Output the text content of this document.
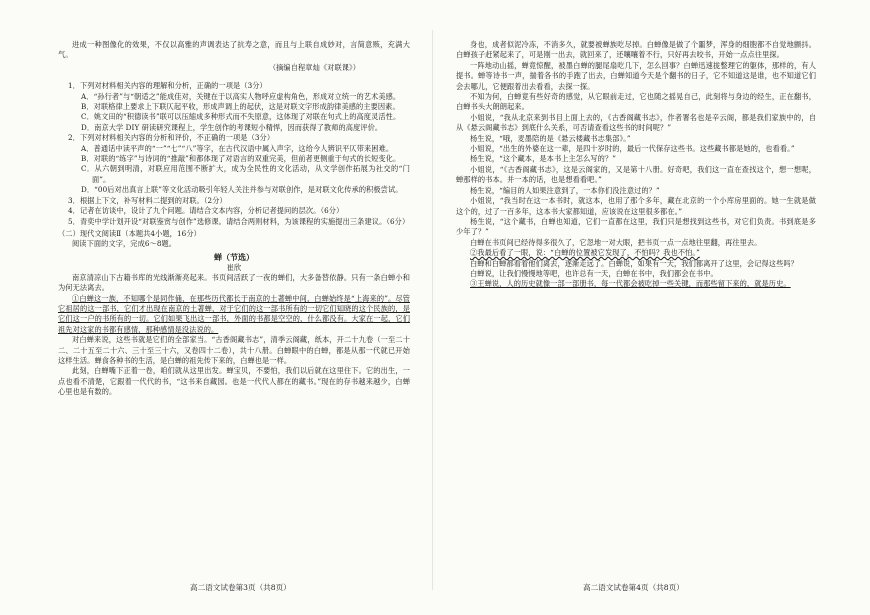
进成一种图像化的效果，不仅以高雅的声调表达了抗寿之意，而且与上联自成妙对，言简意赅，充满大气。

（摘编自程章灿《对联课》）

1．下列对材料相关内容的理解和分析，正确的一项是（3分）

A．“孙行者”与“朝适之”能成佳对，关键在于以高实人物呼应虚构角色，形成对立统一的艺术美感。

B．对联格律上要求上下联仄起平收，形成声调上的起伏，这是对联文字形成韵律美感的主要因素。

C．姚文田的“积德读书”联可以压缩成多种形式而不失原意，这体现了对联在句式上的高度灵活性。

D．南京大学 DIY 研读研究课程上，学生创作的考课短小精悍，因而获得了教师的高度评价。

2．下列对材料相关内容的分析和评价，不正确的一项是（3分）

A．普通话中读平声的“一”“七”“八”等字，在古代汉语中属入声字，这给今人辨识平仄带来困难。

B．对联的“练字”与诗词的“推敲”和都体现了对语言的双重完美，但前者更侧重于句式的长短变化。

C．从六朝到明清，对联应用范围不断扩大，成为全民性的文化活动，从文学创作拓展为社交的“门面”。

D．“00后对出真言上联”等文化活动吸引年轻人关注并参与对联创作，是对联文化传承的积极尝试。

3．根据上下文，补写材料二提到的对联。（2分）

4．记者在访谈中，设计了九个问题。请结合文本内容，分析记者提问的层次。（6分）

5．青奕中学计划开设“对联鉴赏与创作”选修课。请结合两则材料，为该课程的实施提出三条建议。（6分）

（二）现代文阅读Ⅱ（本题共4小题，16分）

阅读下面的文字，完成6～8题。

蝉（节选）
崔欣

南京清凉山下古籍书库的光线渐渐亮起来。书页间活跃了一夜的蝉们，大多备替依静。只有一条白蝉小和为何无法离去。

①白蝉这一族，不知哪个是同作俑，在那些历代都长于南京的土著蝉中间，白蝉始终是“上海来的”。尽管它祖居的这一部书，它们才出现在南京的土著蝉，对于它们的这一部书所有的一切它们知晓的这个民族的，是它们这一户的书所有的一切。它们如果飞出这一部书，外面的书都是空空的，什么都没有。大家在一起，它们祖先对这家的书都有感情，那种感情是没法说的。

对白蝉来说，这些书就是它们的全部家当。“古香阁藏书志”，清季云阁藏，纸本，开二十九卷（一至二十二、二十五至二十六、三十至三十六，又卷四十二卷），共十八册。白蝉眼中的白蝉，都是从那一代就已开始这样生活。蝉食各种书的生活，是白蝉的祖先传下来的，白蝉也是一样。

此刻，白蝉嘴下正着一卷，咱们就从这里出发。蝉宝贝，不要怕，我们以后就在这里住下。它的出生，一点也看不清楚，它跟着一代代的书，“这书来自藏园。也是一代代人都在的藏书。”现在的存书越来越少，白蝉心里也是有数的。

身也，成者似泥冷冻，不消多久，就要被蝉族吃尽掉。白蝉像是做了个噩梦，浑身的细胞都不自觉地颤抖。白蝉孩子赶紧起来了，可是刚一出去，就回来了，还嚷嚷着不行，只好再去咬书，开始一点点往里探。

一阵地动山摇，蝉竟惊醒，被墨白蝉的腿尾扇吃几下，怎么回事？白蝉迅速拢整理它的躯体，那样的，有人提书。蝉等诗书一声，揣着各书的手跑了出去，白蝉知道今天是个翻书的日子，它不知道这是谁，也不知道它们会去哪儿，它便跟着出去看看，去探一探。

不知为何，白蝉竟有些好奇的感觉，从它眼前走过，它也随之摇晃自己，此刻将与身边的经生，正在翻书，白蝉书头大朗朗起来。

小姐说，“我从北京来到书目上面上去的，《古香阁藏书志》，作者署名也是辛云阁，都是我们家族中的，自从《悬云阁藏书志》到底什么关系，可否请查看这些书的时间呢？”

杨生说，“哦，麦墨陪的是《悬云楼藏书志集部》。”

小姐说，“出生的外婆在这一辈，是四十岁时的，最后一代保存这些书。这些藏书都是她的，也看看。”

杨生说，“这个藏本，是本书上主怎么写的？”

小姐说，“《古香阁藏书志》，这是云阁家的，又是第十八册。好奇吧，我们这一直在查找这个，想一想呢，蝉那样的书本。并一本的话，也是想看看吧。”

杨生说，“编目的人如果注意到了，一本你们没注意过的？”

小姐说，“我当时在这一本书时，就这本，也用了那个多年，藏在北京的一个小库房里面的。她一生就是做这个的，过了一百多年，这本书大家都知道，应该说在这里很多都在。”

杨生说，“这个藏书，白蝉也知道，它们一直都在这里，我们只是想找到这些书，对它们负责。书到底是多少年了？”

白蝉在书页间已经待得多很久了，它忽地一对大眼，把书页一点一点地往里翻，再往里去。

②我最后看了一眼，说：“白蝉的位置被它发现了，不怕吗？我也不怕。”

白蝉和白蝉都看着他们离去，逐渐走远了。白蝉说，如果有一天，我们都离开了这里，会记得这些吗？

白蝉说，让我们慢慢地等吧，也许总有一天，白蝉在书中，我们都会在书中。

③王蝉说，人的历史就像一部一部册书，每一代都会被吃掉一些关键，而那些留下来的，就是历史。

高二语文试卷第3页（共8页）	高二语文试卷第4页（共8页）
